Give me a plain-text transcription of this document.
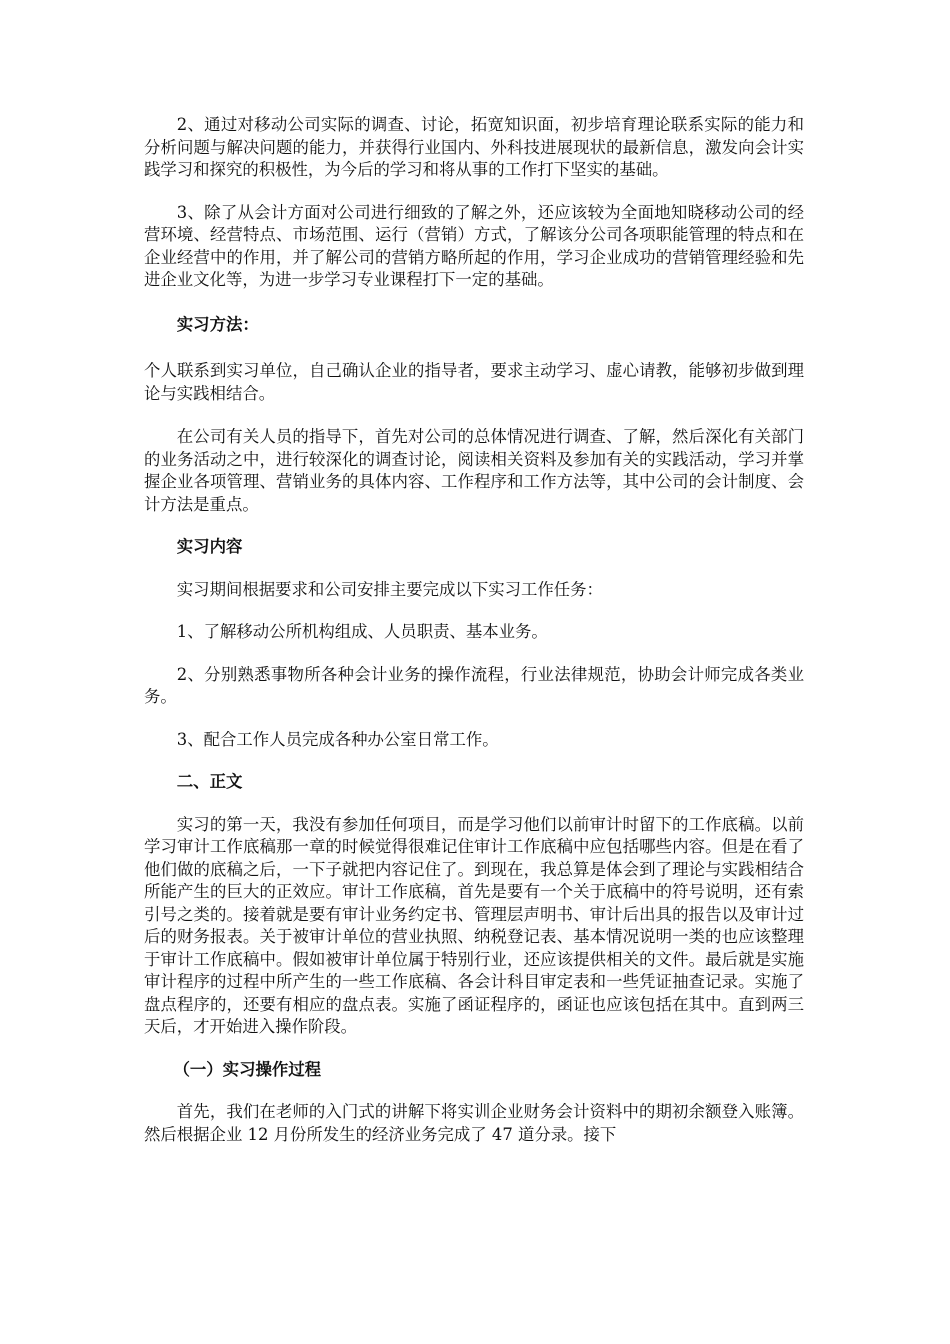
2、通过对移动公司实际的调查、讨论，拓宽知识面，初步培育理论联系实际的能力和分析问题与解决问题的能力，并获得行业国内、外科技进展现状的最新信息，激发向会计实践学习和探究的积极性，为今后的学习和将从事的工作打下坚实的基础。

3、除了从会计方面对公司进行细致的了解之外，还应该较为全面地知晓移动公司的经营环境、经营特点、市场范围、运行（营销）方式，了解该分公司各项职能管理的特点和在企业经营中的作用，并了解公司的营销方略所起的作用，学习企业成功的营销管理经验和先进企业文化等，为进一步学习专业课程打下一定的基础。

实习方法：

个人联系到实习单位，自己确认企业的指导者，要求主动学习、虚心请教，能够初步做到理论与实践相结合。

在公司有关人员的指导下，首先对公司的总体情况进行调查、了解，然后深化有关部门的业务活动之中，进行较深化的调查讨论，阅读相关资料及参加有关的实践活动，学习并掌握企业各项管理、营销业务的具体内容、工作程序和工作方法等，其中公司的会计制度、会计方法是重点。

实习内容

实习期间根据要求和公司安排主要完成以下实习工作任务：

1、了解移动公所机构组成、人员职责、基本业务。

2、分别熟悉事物所各种会计业务的操作流程，行业法律规范，协助会计师完成各类业务。

3、配合工作人员完成各种办公室日常工作。

二、正文

实习的第一天，我没有参加任何项目，而是学习他们以前审计时留下的工作底稿。以前学习审计工作底稿那一章的时候觉得很难记住审计工作底稿中应包括哪些内容。但是在看了他们做的底稿之后，一下子就把内容记住了。到现在，我总算是体会到了理论与实践相结合所能产生的巨大的正效应。审计工作底稿，首先是要有一个关于底稿中的符号说明，还有索引号之类的。接着就是要有审计业务约定书、管理层声明书、审计后出具的报告以及审计过后的财务报表。关于被审计单位的营业执照、纳税登记表、基本情况说明一类的也应该整理于审计工作底稿中。假如被审计单位属于特别行业，还应该提供相关的文件。最后就是实施审计程序的过程中所产生的一些工作底稿、各会计科目审定表和一些凭证抽查记录。实施了盘点程序的，还要有相应的盘点表。实施了函证程序的，函证也应该包括在其中。直到两三天后，才开始进入操作阶段。

（一）实习操作过程

首先，我们在老师的入门式的讲解下将实训企业财务会计资料中的期初余额登入账簿。然后根据企业 12 月份所发生的经济业务完成了 47 道分录。接下
